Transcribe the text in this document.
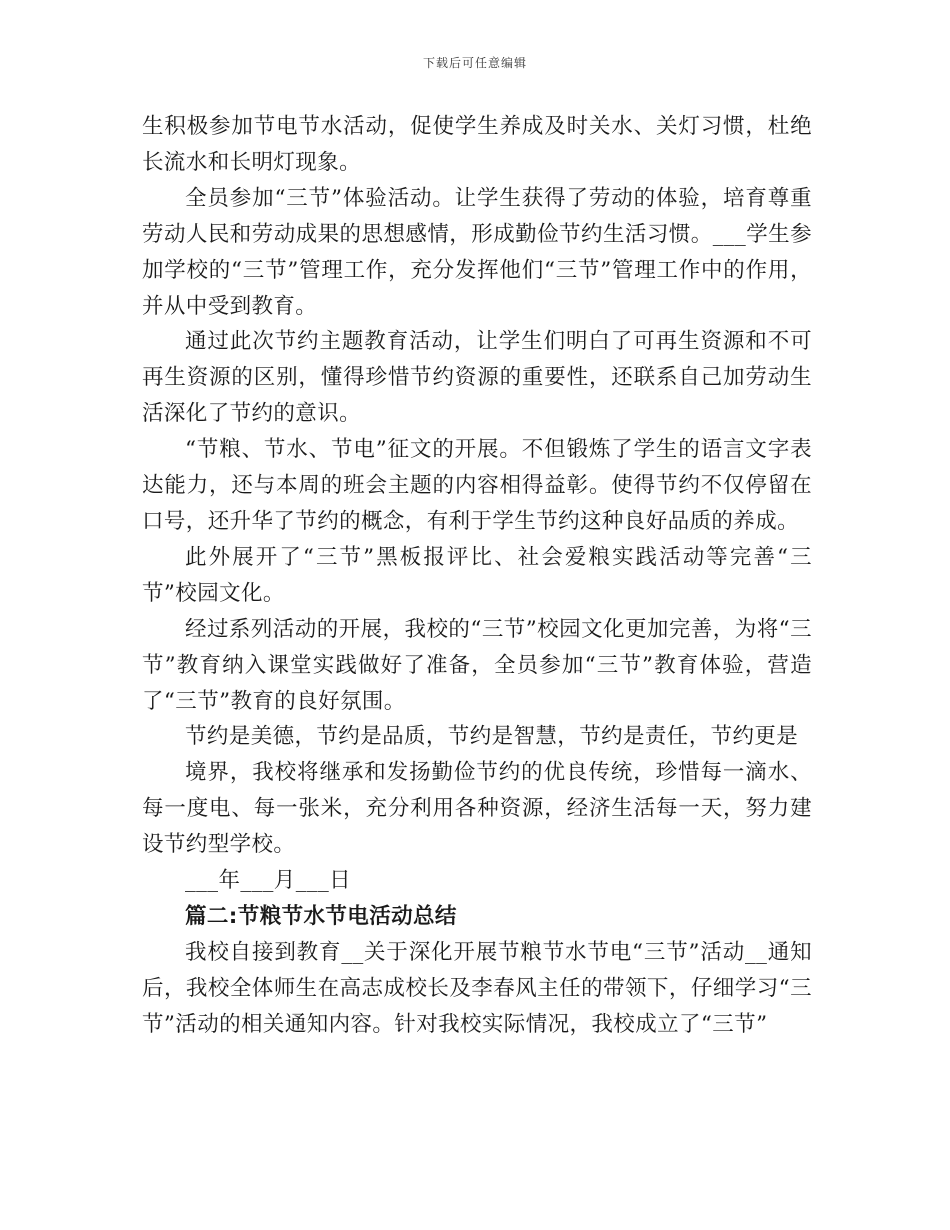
下载后可任意编辑

生积极参加节电节水活动，促使学生养成及时关水、关灯习惯，杜绝长流水和长明灯现象。

全员参加“三节”体验活动。让学生获得了劳动的体验，培育尊重劳动人民和劳动成果的思想感情，形成勤俭节约生活习惯。___学生参加学校的“三节”管理工作，充分发挥他们“三节”管理工作中的作用，并从中受到教育。

通过此次节约主题教育活动，让学生们明白了可再生资源和不可再生资源的区别，懂得珍惜节约资源的重要性，还联系自己加劳动生活深化了节约的意识。

“节粮、节水、节电”征文的开展。不但锻炼了学生的语言文字表达能力，还与本周的班会主题的内容相得益彰。使得节约不仅停留在口号，还升华了节约的概念，有利于学生节约这种良好品质的养成。

此外展开了“三节”黑板报评比、社会爱粮实践活动等完善“三节”校园文化。

经过系列活动的开展，我校的“三节”校园文化更加完善，为将“三节”教育纳入课堂实践做好了准备，全员参加“三节”教育体验，营造了“三节”教育的良好氛围。

节约是美德，节约是品质，节约是智慧，节约是责任，节约更是

境界，我校将继承和发扬勤俭节约的优良传统，珍惜每一滴水、每一度电、每一张米，充分利用各种资源，经济生活每一天，努力建设节约型学校。

___年___月___日

篇二:节粮节水节电活动总结

我校自接到教育__关于深化开展节粮节水节电“三节”活动__通知后，我校全体师生在高志成校长及李春风主任的带领下，仔细学习“三节”活动的相关通知内容。针对我校实际情况，我校成立了“三节”
